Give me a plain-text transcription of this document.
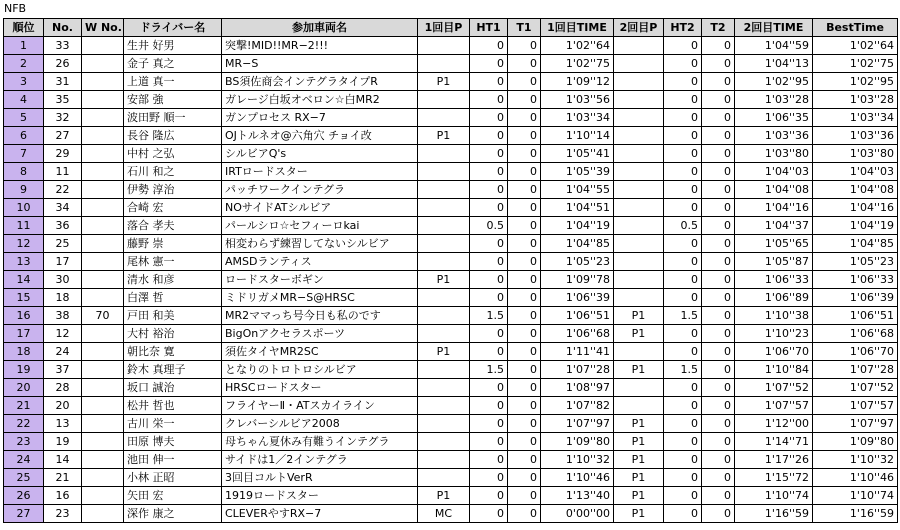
NFB
順位	No.	W No.	ドライバー名	参加車両名	1回目P	HT1	T1	1回目TIME	2回目P	HT2	T2	2回目TIME	BestTime
1	33		生井 好男	突撃!MID!!MR−2!!!		0	0	1'02''64		0	0	1'04''59	1'02''64
2	26		金子 真之	MR−S		0	0	1'02''75		0	0	1'04''13	1'02''75
3	31		上道 真一	BS須佐商会インテグラタイプR	P1	0	0	1'09''12		0	0	1'02''95	1'02''95
4	35		安部 強	ガレージ白坂オベロン☆白MR2		0	0	1'03''56		0	0	1'03''28	1'03''28
5	32		波田野 順一	ガンプロセス RX−7		0	0	1'03''34		0	0	1'06''35	1'03''34
6	27		長谷 隆広	OJトルネオ@六角穴 チョイ改	P1	0	0	1'10''14		0	0	1'03''36	1'03''36
7	29		中村 之弘	シルビアQ's		0	0	1'05''41		0	0	1'03''80	1'03''80
8	11		石川 和之	IRTロードスター		0	0	1'05''39		0	0	1'04''03	1'04''03
9	22		伊勢 淳治	パッチワークインテグラ		0	0	1'04''55		0	0	1'04''08	1'04''08
10	34		合崎 宏	NOサイドATシルビア		0	0	1'04''51		0	0	1'04''16	1'04''16
11	36		落合 孝夫	パールシロ☆セフィーロkai		0.5	0	1'04''19		0.5	0	1'04''37	1'04''19
12	25		藤野 崇	相変わらず練習してないシルビア		0	0	1'04''85		0	0	1'05''65	1'04''85
13	17		尾林 憲一	AMSDランティス		0	0	1'05''23		0	0	1'05''87	1'05''23
14	30		清水 和彦	ロードスターボギン	P1	0	0	1'09''78		0	0	1'06''33	1'06''33
15	18		白澤 哲	ミドリガメMR−S@HRSC		0	0	1'06''39		0	0	1'06''89	1'06''39
16	38	70	戸田 和美	MR2ママっち号今日も私のです		1.5	0	1'06''51	P1	1.5	0	1'10''38	1'06''51
17	12		大村 裕治	BigOnアクセラスポーツ		0	0	1'06''68	P1	0	0	1'10''23	1'06''68
18	24		朝比奈 寛	須佐タイヤMR2SC	P1	0	0	1'11''41		0	0	1'06''70	1'06''70
19	37		鈴木 真理子	となりのトロトロシルビア		1.5	0	1'07''28	P1	1.5	0	1'10''84	1'07''28
20	28		坂口 誠治	HRSCロードスター		0	0	1'08''97		0	0	1'07''52	1'07''52
21	20		松井 哲也	フライヤーⅡ・ATスカイライン		0	0	1'07''82		0	0	1'07''57	1'07''57
22	13		古川 栄一	クレバーシルビア2008		0	0	1'07''97	P1	0	0	1'12''00	1'07''97
23	19		田原 博夫	母ちゃん夏休み有難うインテグラ		0	0	1'09''80	P1	0	0	1'14''71	1'09''80
24	14		池田 伸一	サイドは1／2インテグラ		0	0	1'10''32	P1	0	0	1'17''26	1'10''32
25	21		小林 正昭	3回目コルトVerR		0	0	1'10''46	P1	0	0	1'15''72	1'10''46
26	16		矢田 宏	1919ロードスター	P1	0	0	1'13''40	P1	0	0	1'10''74	1'10''74
27	23		深作 康之	CLEVERやすRX−7	MC	0	0	0'00''00	P1	0	0	1'16''59	1'16''59
